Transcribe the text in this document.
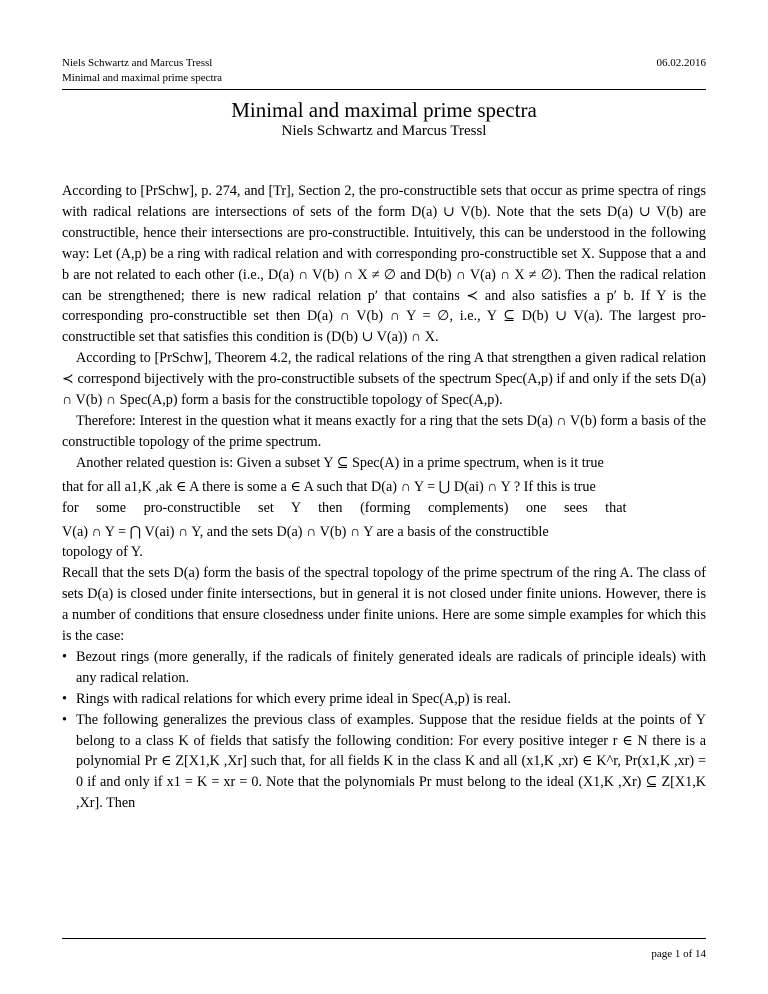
Niels Schwartz and Marcus Tressl
Minimal and maximal prime spectra
06.02.2016
Minimal and maximal prime spectra
Niels Schwartz and Marcus Tressl

According to [PrSchw], p. 274, and [Tr], Section 2, the pro-constructible sets that occur as prime spectra of rings with radical relations are intersections of sets of the form D(a) ∪ V(b). Note that the sets D(a) ∪ V(b) are constructible, hence their intersections are pro-constructible. Intuitively, this can be understood in the following way: Let (A,p) be a ring with radical relation and with corresponding pro-constructible set X. Suppose that a and b are not related to each other (i.e., D(a) ∩ V(b) ∩ X ≠ ∅ and D(b) ∩ V(a) ∩ X ≠ ∅). Then the radical relation can be strengthened; there is new radical relation p′ that contains ≺ and also satisfies a p′ b. If Y is the corresponding pro-constructible set then D(a) ∩ V(b) ∩ Y = ∅, i.e., Y ⊆ D(b) ∪ V(a). The largest pro-constructible set that satisfies this condition is (D(b) ∪ V(a)) ∩ X.

According to [PrSchw], Theorem 4.2, the radical relations of the ring A that strengthen a given radical relation ≺ correspond bijectively with the pro-constructible subsets of the spectrum Spec(A,p) if and only if the sets D(a) ∩ V(b) ∩ Spec(A,p) form a basis for the constructible topology of Spec(A,p).

Therefore: Interest in the question what it means exactly for a ring that the sets D(a) ∩ V(b) form a basis of the constructible topology of the prime spectrum.

Another related question is: Given a subset Y ⊆ Spec(A) in a prime spectrum, when is it true

that for all a1,K ,ak ∈ A there is some a ∈ A such that D(a) ∩ Y = ⋃ D(ai) ∩ Y ? If this is true

for some pro-constructible set Y then (forming complements) one sees that

V(a) ∩ Y = ⋂ V(ai) ∩ Y, and the sets D(a) ∩ V(b) ∩ Y are a basis of the constructible

topology of Y.

Recall that the sets D(a) form the basis of the spectral topology of the prime spectrum of the ring A. The class of sets D(a) is closed under finite intersections, but in general it is not closed under finite unions. However, there is a number of conditions that ensure closedness under finite unions. Here are some simple examples for which this is the case:

• Bezout rings (more generally, if the radicals of finitely generated ideals are radicals of principle ideals) with any radical relation.
• Rings with radical relations for which every prime ideal in Spec(A,p) is real.
• The following generalizes the previous class of examples. Suppose that the residue fields at the points of Y belong to a class K of fields that satisfy the following condition: For every positive integer r ∈ N there is a polynomial Pr ∈ Z[X1,K ,Xr] such that, for all fields K in the class K and all (x1,K ,xr) ∈ K^r, Pr(x1,K ,xr) = 0 if and only if x1 = K = xr = 0. Note that the polynomials Pr must belong to the ideal (X1,K ,Xr) ⊆ Z[X1,K ,Xr]. Then
page 1 of 14
